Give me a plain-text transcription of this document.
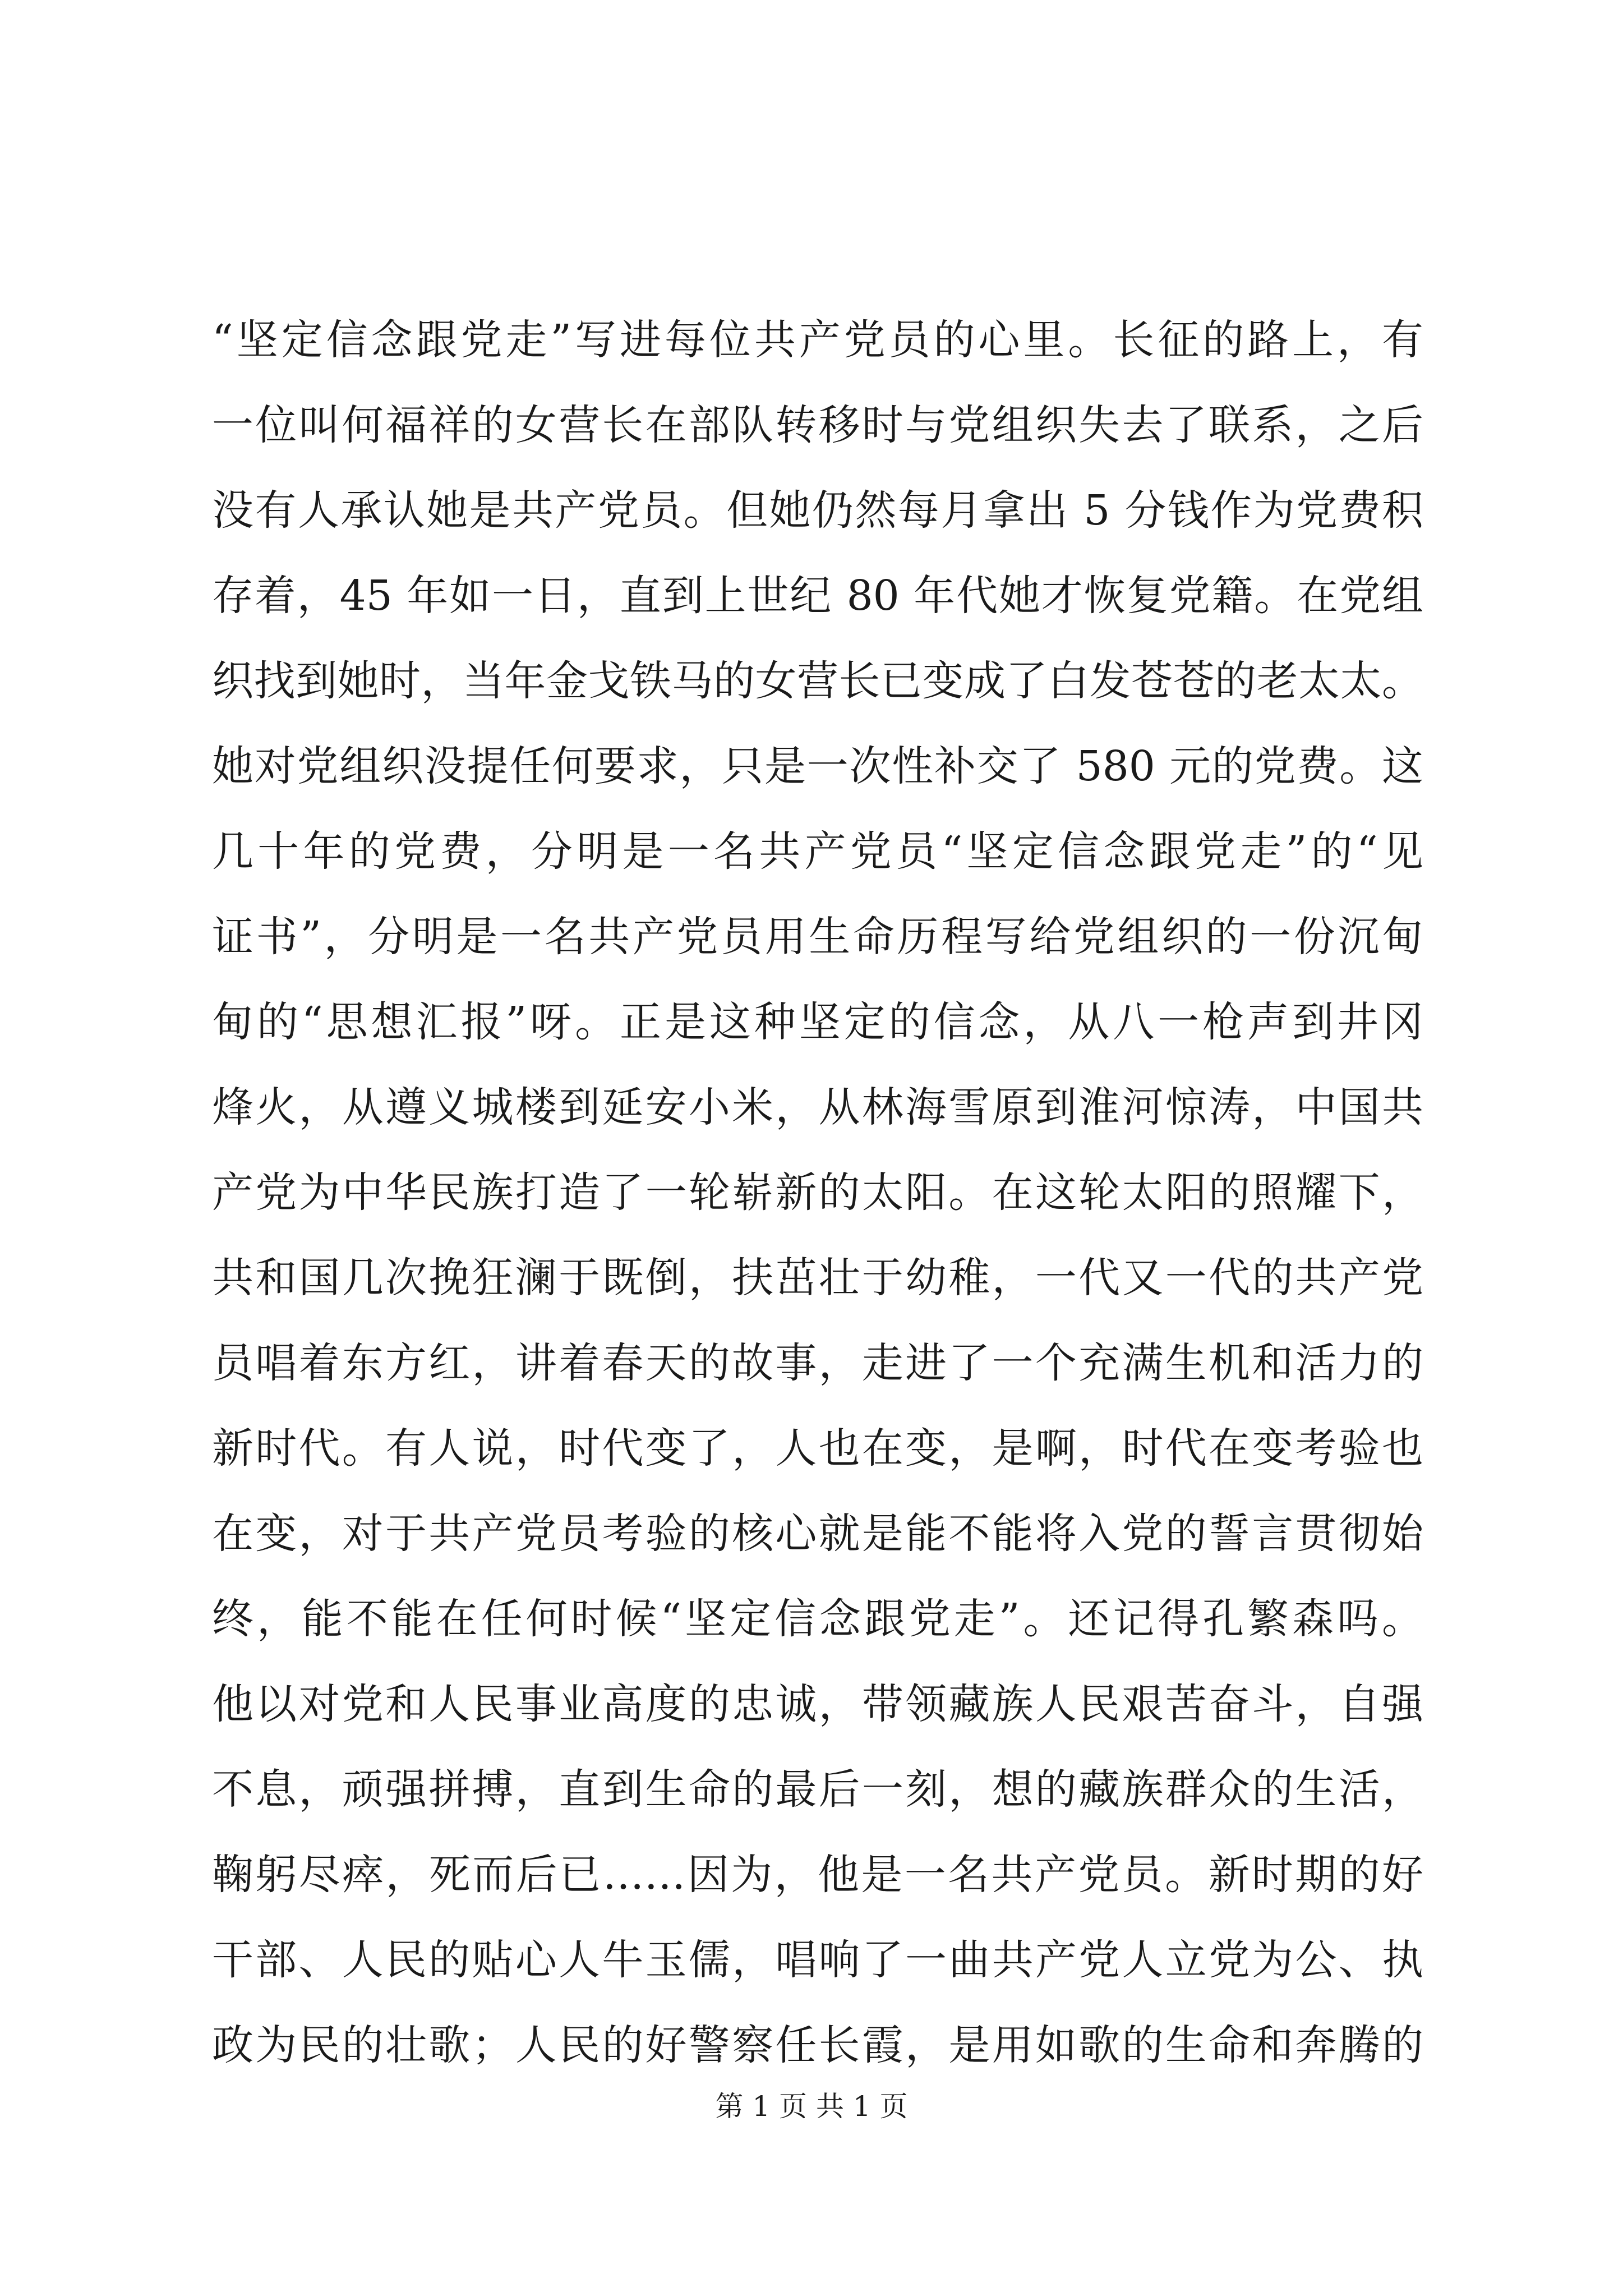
“坚定信念跟党走”写进每位共产党员的心里。长征的路上，有
一位叫何福祥的女营长在部队转移时与党组织失去了联系，之后
没有人承认她是共产党员。但她仍然每月拿出 5 分钱作为党费积
存着，45 年如一日，直到上世纪 80 年代她才恢复党籍。在党组
织找到她时，当年金戈铁马的女营长已变成了白发苍苍的老太太。
她对党组织没提任何要求，只是一次性补交了 580 元的党费。这
几十年的党费，分明是一名共产党员“坚定信念跟党走”的“见
证书”，分明是一名共产党员用生命历程写给党组织的一份沉甸
甸的“思想汇报”呀。正是这种坚定的信念，从八一枪声到井冈
烽火，从遵义城楼到延安小米，从林海雪原到淮河惊涛，中国共
产党为中华民族打造了一轮崭新的太阳。在这轮太阳的照耀下，
共和国几次挽狂澜于既倒，扶茁壮于幼稚，一代又一代的共产党
员唱着东方红，讲着春天的故事，走进了一个充满生机和活力的
新时代。有人说，时代变了，人也在变，是啊，时代在变考验也
在变，对于共产党员考验的核心就是能不能将入党的誓言贯彻始
终，能不能在任何时候“坚定信念跟党走”。还记得孔繁森吗。
他以对党和人民事业高度的忠诚，带领藏族人民艰苦奋斗，自强
不息，顽强拼搏，直到生命的最后一刻，想的藏族群众的生活，
鞠躬尽瘁，死而后已……因为，他是一名共产党员。新时期的好
干部、人民的贴心人牛玉儒，唱响了一曲共产党人立党为公、执
政为民的壮歌；人民的好警察任长霞，是用如歌的生命和奔腾的
第 1 页 共 1 页
